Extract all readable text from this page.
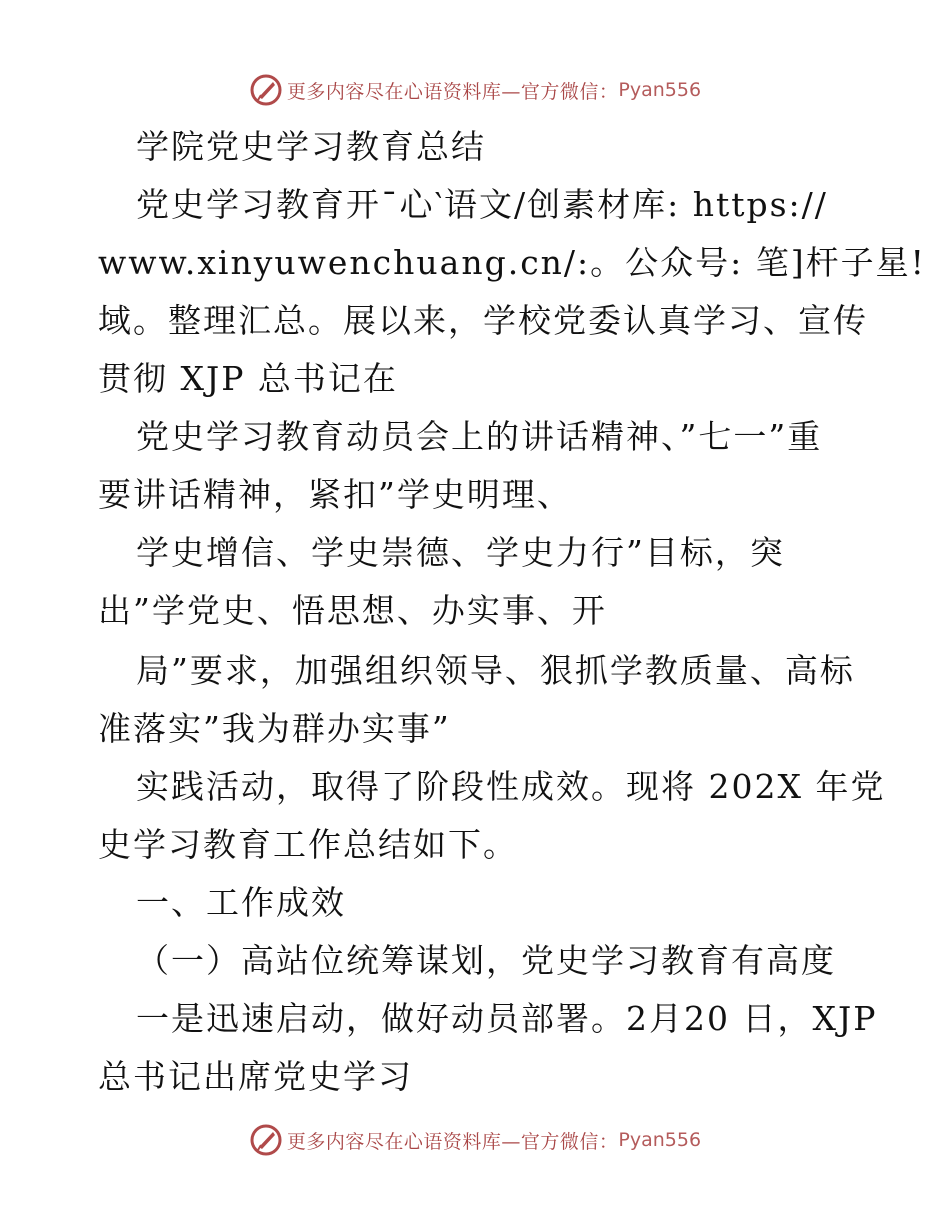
更多内容尽在心语资料库—官方微信： Pyan556
学院党史学习教育总结
党史学习教育开¯心‵语文/创素材库: https://
www.xinyuwenchuang.cn/:。公众号: 笔]杆子星!
域。整理汇总。展以来，学校党委认真学习、宣传
贯彻 XJP 总书记在
党史学习教育动员会上的讲话精神、”七一”重
要讲话精神，紧扣”学史明理、
学史增信、学史崇德、学史力行”目标，突
出”学党史、悟思想、办实事、开
局”要求，加强组织领导、狠抓学教质量、高标
准落实”我为群办实事”
实践活动，取得了阶段性成效。现将 202X 年党
史学习教育工作总结如下。
一、工作成效
（一）高站位统筹谋划，党史学习教育有高度
一是迅速启动，做好动员部署。2月20 日，XJP
总书记出席党史学习
更多内容尽在心语资料库—官方微信： Pyan556
